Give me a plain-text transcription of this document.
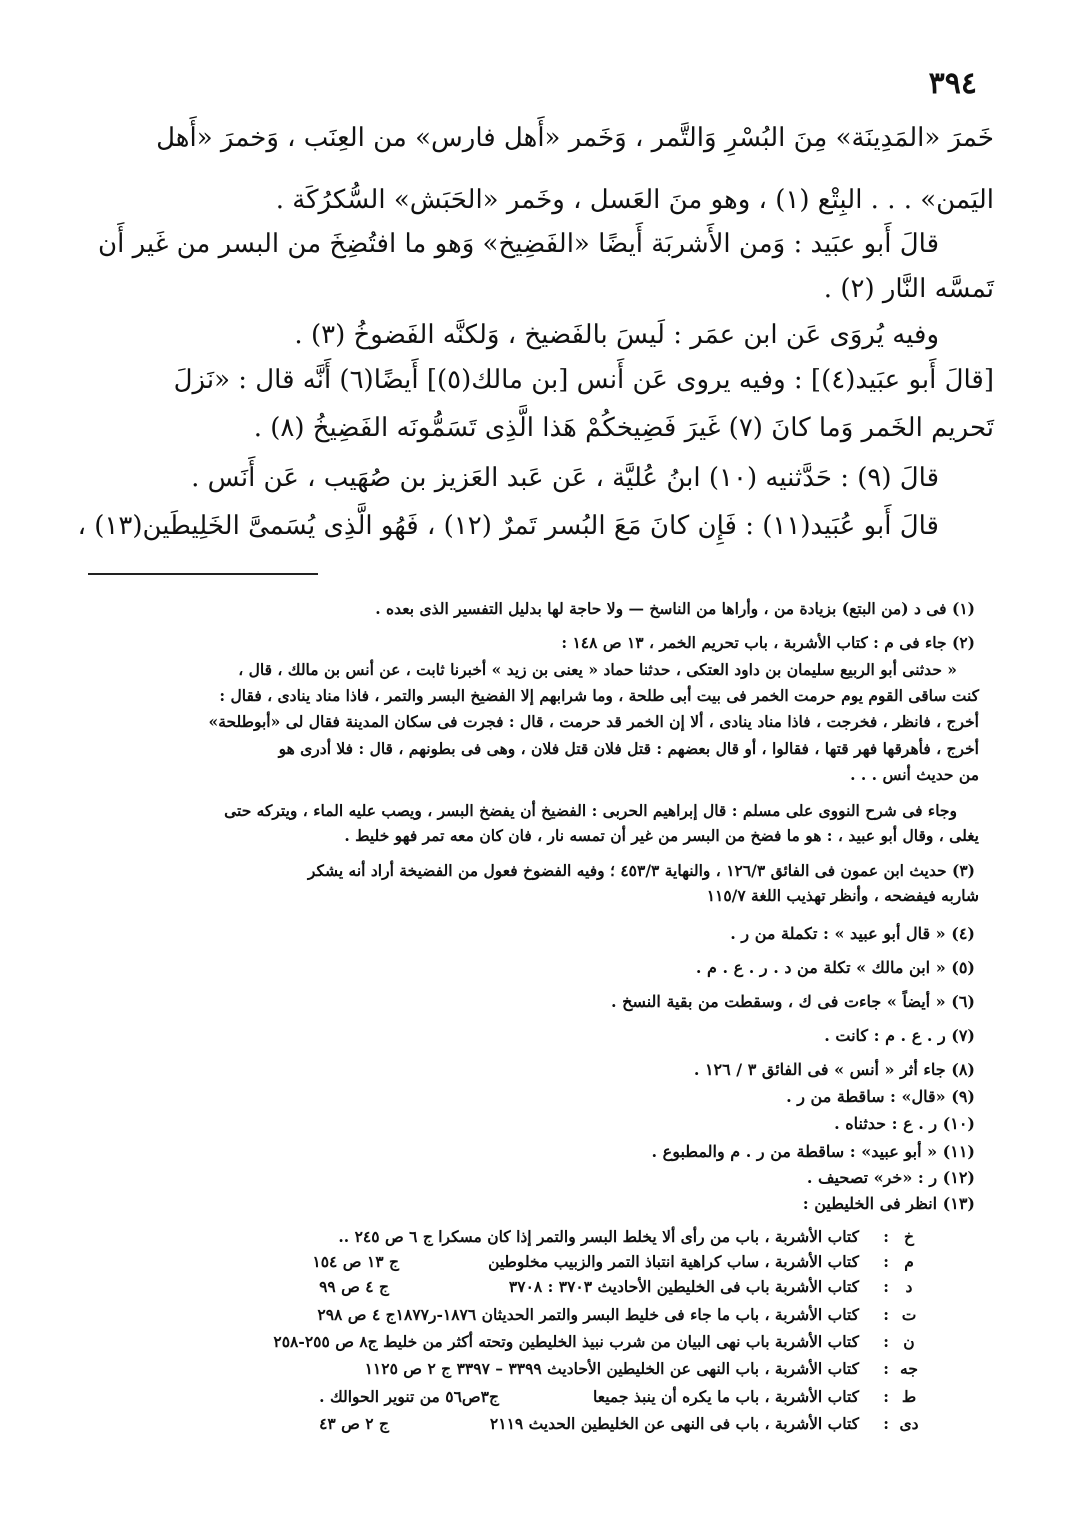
٣٩٤
خَمرَ «المَدِينَة» مِنَ البُسْرِ وَالتَّمر ، وَخَمر «أَهل فارس» من العِنَب ، وَخمرَ «أَهل
اليَمن» . . . البِتْع (١) ، وهو منَ العَسل ، وخَمر «الحَبَش» السُّكرُكَة .
قالَ أَبو عبَيد : وَمن الأَشربَة أَيضًا «الفَضِيخ» وَهو ما افتُضِخَ من البسر من غَير أَن
تَمسَّه النَّار (٢) .
وفيه يُروَى عَن ابن عمَر : لَيسَ بالفَضيخ ، وَلكنَّه الفَضوخُ (٣) .
[قالَ أَبو عبَيد(٤)] : وفيه يروى عَن أَنس [بن مالك(٥)] أَيضًا(٦) أَنَّه قال : «نَزلَ
تَحريم الخَمر وَما كانَ (٧) غَيرَ فَضِيخكُمْ هَذا الَّذِى تَسَمُّونَه الفَضِيخُ (٨) .
قالَ (٩) : حَدَّثنيه (١٠) ابنُ عُليَّة ، عَن عَبد العَزيز بن صُهَيب ، عَن أَنَس .
قالَ أَبو عُبَيد(١١) : فَإِن كانَ مَعَ البُسر تَمرٌ (١٢) ، فَهُو الَّذِى يُسَمىَّ الخَلِيطَين(١٣) ،
(١) فى د (من البتع) بزيادة من ، وأراها من الناسخ — ولا حاجة لها بدليل التفسير الذى بعده .
(٢) جاء فى م : كتاب الأشربة ، باب تحريم الخمر ، ١٣ ص ١٤٨ :
« حدثنى أبو الربيع سليمان بن داود العتكى ، حدثنا حماد « يعنى بن زيد » أخبرنا ثابت ، عن أنس بن مالك ، قال ،
كنت ساقى القوم يوم حرمت الخمر فى بيت أبى طلحة ، وما شرابهم إلا الفضيخ البسر والتمر ، فاذا مناد ينادى ، فقال :
أخرج ، فانظر ، فخرجت ، فاذا مناد ينادى ، ألا إن الخمر قد حرمت ، قال : فجرت فى سكان المدينة فقال لى «أبوطلحة»
أخرج ، فأهرقها فهر قتها ، فقالوا ، أو قال بعضهم : قتل فلان قتل فلان ، وهى فى بطونهم ، قال : فلا أدرى هو
من حديث أنس . . .
وجاء فى شرح النووى على مسلم : قال إبراهيم الحربى : الفضيخ أن يفضخ البسر ، ويصب عليه الماء ، ويتركه حتى
يغلى ، وقال أبو عبيد ، : هو ما فضخ من البسر من غير أن تمسه نار ، فان كان معه تمر فهو خليط .
(٣) حديث ابن عمون فى الفائق ١٢٦/٣ ، والنهاية ٤٥٣/٣ ؛ وفيه الفضوخ فعول من الفضيخة أراد أنه يشكر
شاربه فيفضحه ، وأنظر تهذيب اللغة ١١٥/٧
(٤) « قال أبو عبيد » : تكملة من ر .
(٥) « ابن مالك » تكلة من د . ر . ع . م .
(٦) « أيضاً » جاءت فى ك ، وسقطت من بقية النسخ .
(٧) ر . ع . م : كانت .
(٨) جاء أثر « أنس » فى الفائق ٣ / ١٢٦ .
(٩) «قال» : ساقطة من ر .
(١٠) ر . ع : حدثناه .
(١١) « أبو عبيد» : ساقطة من ر . م والمطبوع .
(١٢) ر : «خر» تصحيف .
(١٣) انظر فى الخليطين :
خ
:
كتاب الأشربة ، باب من رأى ألا يخلط البسر والتمر إذا كان مسكرا ج ٦ ص ٢٤٥ ..
م
:
كتاب الأشربة ، ساب كراهية انتباذ التمر والزبيب مخلوطين
ج ١٣ ص ١٥٤
د
:
كتاب الأشربة باب فى الخليطين الأحاديث ٣٧٠٣ : ٣٧٠٨
ج ٤ ص ٩٩
ت
:
كتاب الأشربة ، باب ما جاء فى خليط البسر والتمر الحديثان ١٨٧٦-ر١٨٧٧ج ٤ ص ٢٩٨
ن
:
كتاب الأشربة باب نهى البيان من شرب نبيذ الخليطين وتحته أكثر من خليط ج٨ ص ٢٥٥-٢٥٨
جه
:
كتاب الأشربة ، باب النهى عن الخليطين الأحاديث ٣٣٩٩ – ٣٣٩٧ ج ٢ ص ١١٢٥
ط
:
كتاب الأشربة ، باب ما يكره أن ينبذ جميعا
ج٣ص٥٦ من تنوير الحوالك .
دى
:
كتاب الأشربة ، باب فى النهى عن الخليطين الحديث ٢١١٩
ج ٢ ص ٤٣
